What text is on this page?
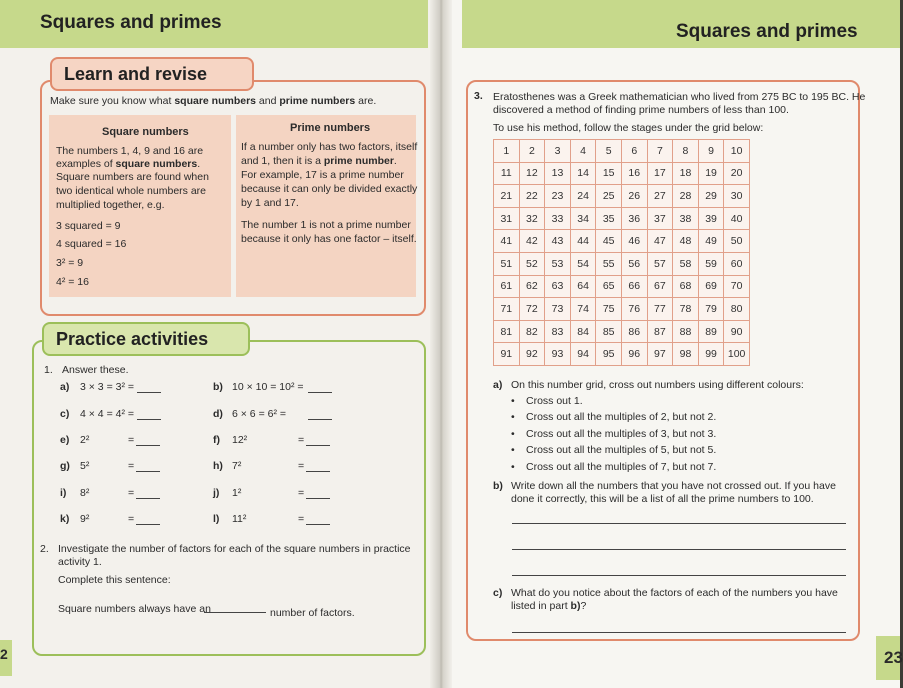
Squares and primes
Learn and revise
Make sure you know what square numbers and prime numbers are.
Square numbers
The numbers 1, 4, 9 and 16 are
examples of square numbers.
Square numbers are found when
two identical whole numbers are
multiplied together, e.g.
3 squared = 9
4 squared = 16
3² = 9
4² = 16
Prime numbers
If a number only has two factors, itself
and 1, then it is a prime number.
For example, 17 is a prime number
because it can only be divided exactly
by 1 and 17.
The number 1 is not a prime number
because it only has one factor – itself.
Practice activities
1. Answer these.
a) 3 × 3 = 3² =	b) 10 × 10 = 10² =
c) 4 × 4 = 4² =	d) 6 × 6 = 6² =
e) 2²	=	f) 12²	=
g) 5²	=	h) 7²	=
i) 8²	=	j) 1²	=
k) 9²	=	l) 11²	=
2. Investigate the number of factors for each of the square numbers in practice
activity 1.
Complete this sentence:
Square numbers always have an	number of factors.
2
Squares and primes
3. Eratosthenes was a Greek mathematician who lived from 275 BC to 195 BC. He
discovered a method of finding prime numbers of less than 100.
To use his method, follow the stages under the grid below:
1	2	3	4	5	6	7	8	9	10
11	12	13	14	15	16	17	18	19	20
21	22	23	24	25	26	27	28	29	30
31	32	33	34	35	36	37	38	39	40
41	42	43	44	45	46	47	48	49	50
51	52	53	54	55	56	57	58	59	60
61	62	63	64	65	66	67	68	69	70
71	72	73	74	75	76	77	78	79	80
81	82	83	84	85	86	87	88	89	90
91	92	93	94	95	96	97	98	99	100
a) On this number grid, cross out numbers using different colours:
• Cross out 1.
• Cross out all the multiples of 2, but not 2.
• Cross out all the multiples of 3, but not 3.
• Cross out all the multiples of 5, but not 5.
• Cross out all the multiples of 7, but not 7.
b) Write down all the numbers that you have not crossed out. If you have
done it correctly, this will be a list of all the prime numbers to 100.
c) What do you notice about the factors of each of the numbers you have
listed in part b)?
23
